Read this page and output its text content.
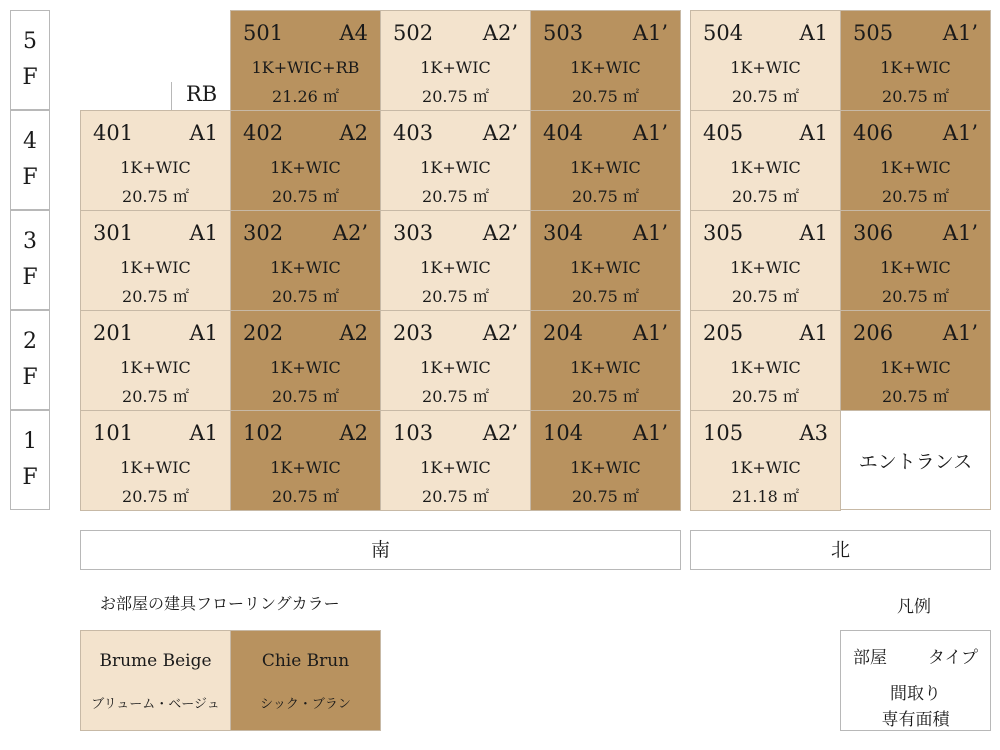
5
F
4
F
3
F
2
F
1
F
RB
501	A4
1K+WIC+RB
21.26 ㎡
502 A2’
1K+WIC
20.75 ㎡
503 A1’
1K+WIC
20.75 ㎡
504	A1
1K+WIC
20.75 ㎡
505 A1’
1K+WIC
20.75 ㎡
401	A1
1K+WIC
20.75 ㎡
402	A2
1K+WIC
20.75 ㎡
403 A2’
1K+WIC
20.75 ㎡
404 A1’
1K+WIC
20.75 ㎡
405	A1
1K+WIC
20.75 ㎡
406 A1’
1K+WIC
20.75 ㎡
301	A1
1K+WIC
20.75 ㎡
302 A2’
1K+WIC
20.75 ㎡
303 A2’
1K+WIC
20.75 ㎡
304 A1’
1K+WIC
20.75 ㎡
305	A1
1K+WIC
20.75 ㎡
306 A1’
1K+WIC
20.75 ㎡
201	A1
1K+WIC
20.75 ㎡
202	A2
1K+WIC
20.75 ㎡
203 A2’
1K+WIC
20.75 ㎡
204 A1’
1K+WIC
20.75 ㎡
205	A1
1K+WIC
20.75 ㎡
206 A1’
1K+WIC
20.75 ㎡
101	A1
1K+WIC
20.75 ㎡
102	A2
1K+WIC
20.75 ㎡
103 A2’
1K+WIC
20.75 ㎡
104 A1’
1K+WIC
20.75 ㎡
105	A3
1K+WIC
21.18 ㎡
エントランス
南	北
お部屋の建具フローリングカラー
Brume Beige
ブリューム・ベージュ
Chie Brun
シック・ブラン
凡例
部屋 タイプ
間取り
専有面積
